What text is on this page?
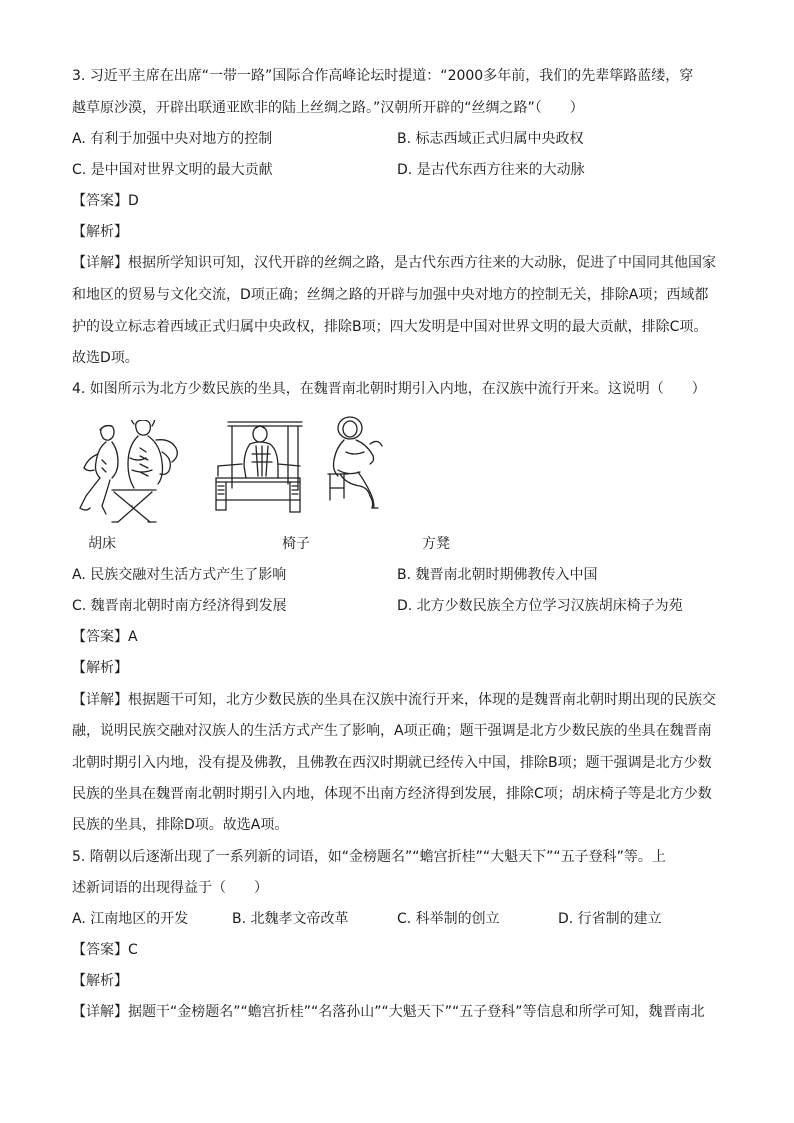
3. 习近平主席在出席“一带一路”国际合作高峰论坛时提道：“2000多年前，我们的先辈筚路蓝缕，穿
越草原沙漠，开辟出联通亚欧非的陆上丝绸之路。”汉朝所开辟的“丝绸之路”（　　）
A. 有利于加强中央对地方的控制	B. 标志西域正式归属中央政权
C. 是中国对世界文明的最大贡献	D. 是古代东西方往来的大动脉
【答案】D
【解析】
【详解】根据所学知识可知，汉代开辟的丝绸之路，是古代东西方往来的大动脉，促进了中国同其他国家
和地区的贸易与文化交流，D项正确；丝绸之路的开辟与加强中央对地方的控制无关，排除A项；西域都
护的设立标志着西域正式归属中央政权，排除B项；四大发明是中国对世界文明的最大贡献，排除C项。
故选D项。
4. 如图所示为北方少数民族的坐具，在魏晋南北朝时期引入内地，在汉族中流行开来。这说明（　　）
胡床	椅子	方凳
A. 民族交融对生活方式产生了影响	B. 魏晋南北朝时期佛教传入中国
C. 魏晋南北朝时南方经济得到发展	D. 北方少数民族全方位学习汉族胡床椅子为苑
【答案】A
【解析】
【详解】根据题干可知，北方少数民族的坐具在汉族中流行开来，体现的是魏晋南北朝时期出现的民族交
融，说明民族交融对汉族人的生活方式产生了影响，A项正确；题干强调是北方少数民族的坐具在魏晋南
北朝时期引入内地，没有提及佛教，且佛教在西汉时期就已经传入中国，排除B项；题干强调是北方少数
民族的坐具在魏晋南北朝时期引入内地，体现不出南方经济得到发展，排除C项；胡床椅子等是北方少数
民族的坐具，排除D项。故选A项。
5. 隋朝以后逐渐出现了一系列新的词语，如“金榜题名”“蟾宫折桂”“大魁天下”“五子登科”等。上
述新词语的出现得益于（　　）
A. 江南地区的开发	B. 北魏孝文帝改革	C. 科举制的创立	D. 行省制的建立
【答案】C
【解析】
【详解】据题干“金榜题名”“蟾宫折桂”“名落孙山”“大魁天下”“五子登科”等信息和所学可知，魏晋南北
